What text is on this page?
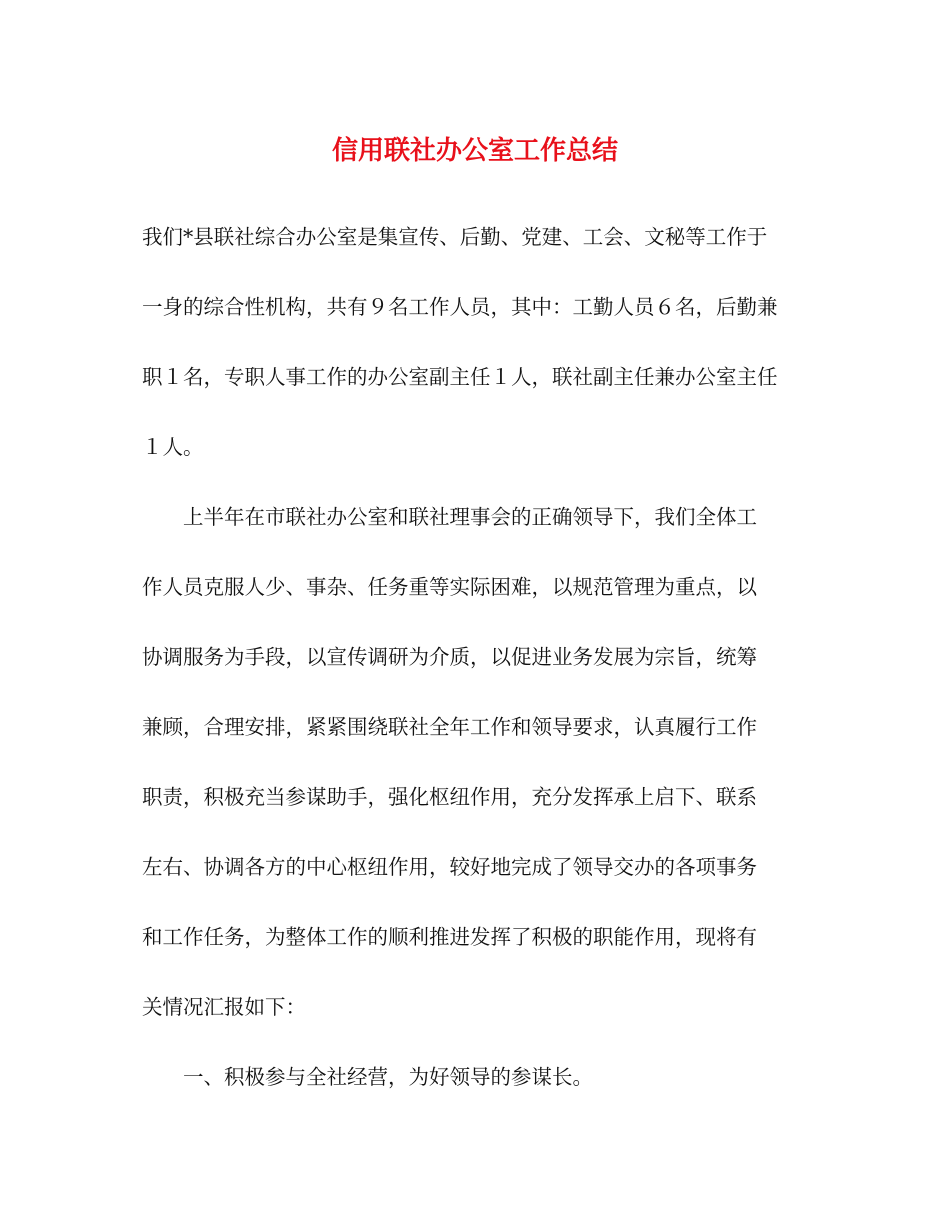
信用联社办公室工作总结
我们*县联社综合办公室是集宣传、后勤、党建、工会、文秘等工作于
一身的综合性机构，共有９名工作人员，其中：工勤人员６名，后勤兼
职１名，专职人事工作的办公室副主任１人，联社副主任兼办公室主任
１人。
上半年在市联社办公室和联社理事会的正确领导下，我们全体工
作人员克服人少、事杂、任务重等实际困难，以规范管理为重点，以
协调服务为手段，以宣传调研为介质，以促进业务发展为宗旨，统筹
兼顾，合理安排，紧紧围绕联社全年工作和领导要求，认真履行工作
职责，积极充当参谋助手，强化枢纽作用，充分发挥承上启下、联系
左右、协调各方的中心枢纽作用，较好地完成了领导交办的各项事务
和工作任务，为整体工作的顺利推进发挥了积极的职能作用，现将有
关情况汇报如下：
一、积极参与全社经营，为好领导的参谋长。
